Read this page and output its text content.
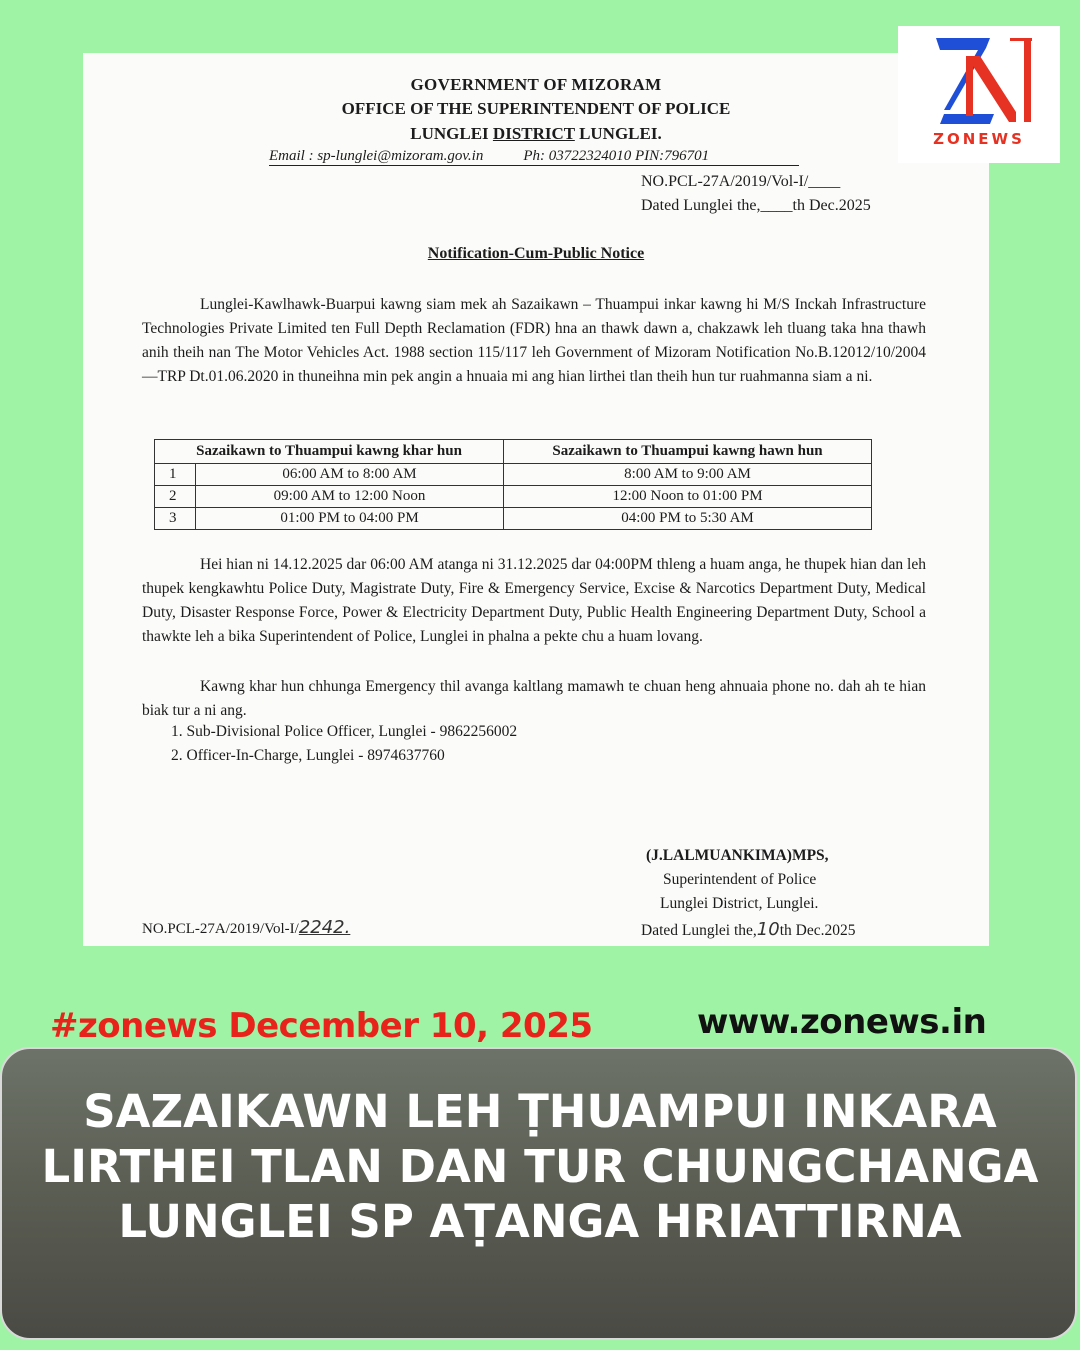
GOVERNMENT OF MIZORAM
OFFICE OF THE SUPERINTENDENT OF POLICE
LUNGLEI DISTRICT LUNGLEI.
Email : sp-lunglei@mizoram.gov.in	Ph: 03722324010 PIN:796701
NO.PCL-27A/2019/Vol-I/____
Dated Lunglei the,____th Dec.2025
Notification-Cum-Public Notice

Lunglei-Kawlhawk-Buarpui kawng siam mek ah Sazaikawn – Thuampui inkar kawng hi M/S Inckah Infrastructure Technologies Private Limited ten Full Depth Reclamation (FDR) hna an thawk dawn a, chakzawk leh tluang taka hna thawh anih theih nan The Motor Vehicles Act. 1988 section 115/117 leh Government of Mizoram Notification No.B.12012/10/2004—TRP Dt.01.06.2020 in thuneihna min pek angin a hnuaia mi ang hian lirthei tlan theih hun tur ruahmanna siam a ni.

Sazaikawn to Thuampui kawng khar hun		Sazaikawn to Thuampui kawng hawn hun
1	06:00 AM to 8:00 AM	8:00 AM to 9:00 AM
2	09:00 AM to 12:00 Noon	12:00 Noon to 01:00 PM
3	01:00 PM to 04:00 PM	04:00 PM to 5:30 AM

Hei hian ni 14.12.2025 dar 06:00 AM atanga ni 31.12.2025 dar 04:00PM thleng a huam anga, he thupek hian dan leh thupek kengkawhtu Police Duty, Magistrate Duty, Fire & Emergency Service, Excise & Narcotics Department Duty, Medical Duty, Disaster Response Force, Power & Electricity Department Duty, Public Health Engineering Department Duty, School a thawkte leh a bika Superintendent of Police, Lunglei in phalna a pekte chu a huam lovang.

Kawng khar hun chhunga Emergency thil avanga kaltlang mamawh te chuan heng ahnuaia phone no. dah ah te hian biak tur a ni ang.

1. Sub-Divisional Police Officer, Lunglei - 9862256002
2. Officer-In-Charge, Lunglei - 8974637760
(J.LALMUANKIMA)MPS,
Superintendent of Police
Lunglei District, Lunglei.
Dated Lunglei the,10th Dec.2025
NO.PCL-27A/2019/Vol-I/2242.
ZONEWS
#zonews December 10, 2025	www.zonews.in
SAZAIKAWN LEH ṬHUAMPUI INKARA
LIRTHEI TLAN DAN TUR CHUNGCHANGA
LUNGLEI SP AṬANGA HRIATTIRNA
